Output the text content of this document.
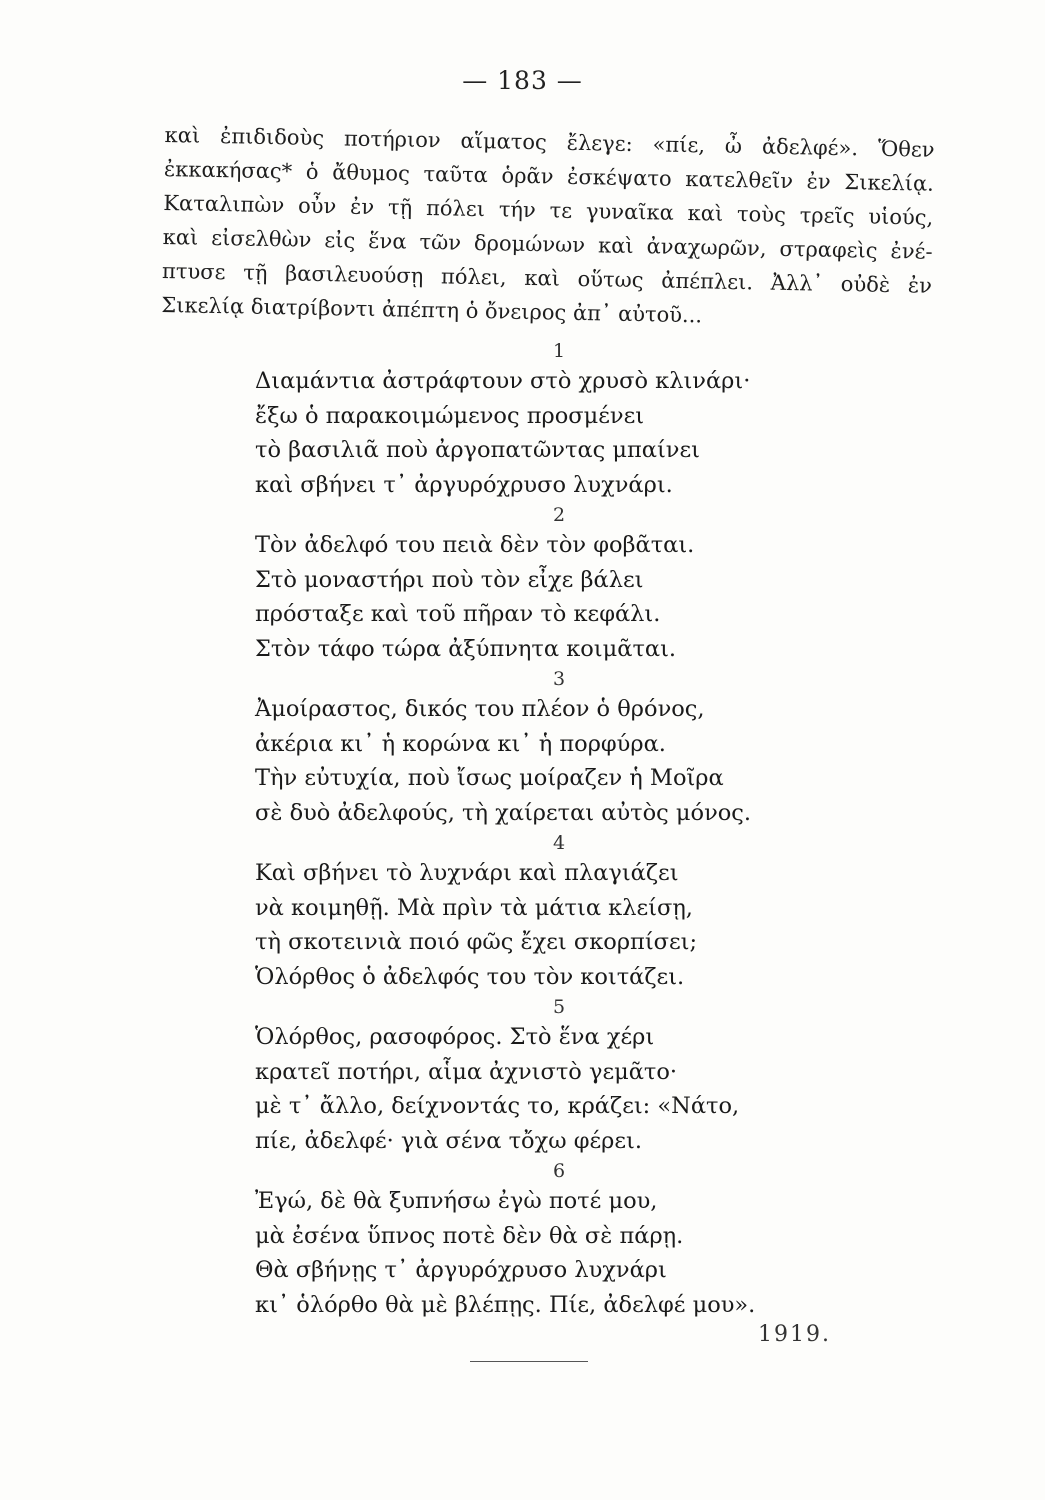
— 183 —
καὶ ἐπιδιδοὺς ποτήριον αἵματος ἔλεγε: «πίε, ὦ ἀδελφέ». Ὅθεν
ἐκκακήσας* ὁ ἄθυμος ταῦτα ὁρᾶν ἐσκέψατο κατελθεῖν ἐν Σικελίᾳ.
Καταλιπὼν οὖν ἐν τῇ πόλει τήν τε γυναῖκα καὶ τοὺς τρεῖς υἱούς,
καὶ εἰσελθὼν εἰς ἕνα τῶν δρομώνων καὶ ἀναχωρῶν, στραφεὶς ἐνέ-
πτυσε τῇ βασιλευούσῃ πόλει, καὶ οὕτως ἀπέπλει. Ἀλλ᾽ οὐδὲ ἐν
Σικελίᾳ διατρίβοντι ἀπέπτη ὁ ὄνειρος ἀπ᾽ αὐτοῦ...
1
Διαμάντια ἀστράφτουν στὸ χρυσὸ κλινάρι·
ἔξω ὁ παρακοιμώμενος προσμένει
τὸ βασιλιᾶ ποὺ ἀργοπατῶντας μπαίνει
καὶ σβήνει τ᾽ ἀργυρόχρυσο λυχνάρι.
2
Τὸν ἀδελφό του πειὰ δὲν τὸν φοβᾶται.
Στὸ μοναστήρι ποὺ τὸν εἶχε βάλει
πρόσταξε καὶ τοῦ πῆραν τὸ κεφάλι.
Στὸν τάφο τώρα ἀξύπνητα κοιμᾶται.
3
Ἀμοίραστος, δικός του πλέον ὁ θρόνος,
ἀκέρια κι᾽ ἡ κορώνα κι᾽ ἡ πορφύρα.
Τὴν εὐτυχία, ποὺ ἴσως μοίραζεν ἡ Μοῖρα
σὲ δυὸ ἀδελφούς, τὴ χαίρεται αὐτὸς μόνος.
4
Καὶ σβήνει τὸ λυχνάρι καὶ πλαγιάζει
νὰ κοιμηθῇ. Μὰ πρὶν τὰ μάτια κλείσῃ,
τὴ σκοτεινιὰ ποιό φῶς ἔχει σκορπίσει;
Ὁλόρθος ὁ ἀδελφός του τὸν κοιτάζει.
5
Ὁλόρθος, ρασοφόρος. Στὸ ἕνα χέρι
κρατεῖ ποτήρι, αἷμα ἀχνιστὸ γεμᾶτο·
μὲ τ᾽ ἄλλο, δείχνοντάς το, κράζει: «Νάτο,
πίε, ἀδελφέ· γιὰ σένα τὄχω φέρει.
6
Ἐγώ, δὲ θὰ ξυπνήσω ἐγὼ ποτέ μου,
μὰ ἐσένα ὕπνος ποτὲ δὲν θὰ σὲ πάρῃ.
Θὰ σβήνῃς τ᾽ ἀργυρόχρυσο λυχνάρι
κι᾽ ὁλόρθο θὰ μὲ βλέπῃς. Πίε, ἀδελφέ μου».
1919.
